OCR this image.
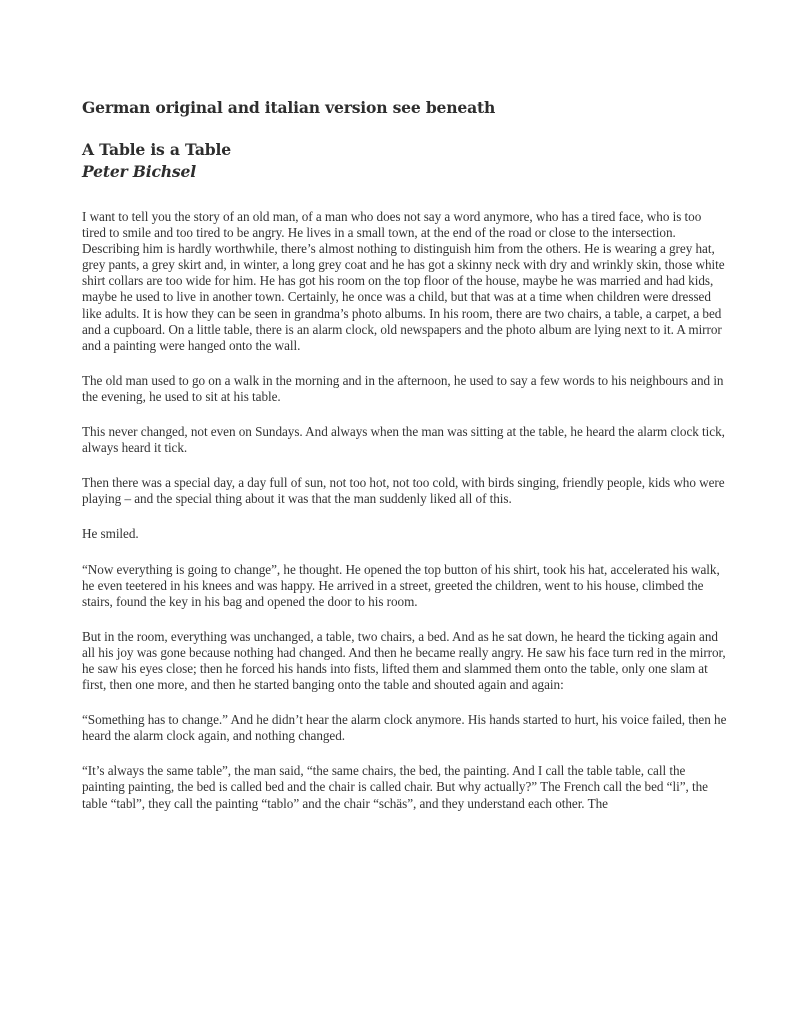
German original and italian version see beneath
A Table is a Table
Peter Bichsel

I want to tell you the story of an old man, of a man who does not say a word anymore, who has a tired face, who is too tired to smile and too tired to be angry. He lives in a small town, at the end of the road or close to the intersection. Describing him is hardly worthwhile, there’s almost nothing to distinguish him from the others. He is wearing a grey hat, grey pants, a grey skirt and, in winter, a long grey coat and he has got a skinny neck with dry and wrinkly skin, those white shirt collars are too wide for him. He has got his room on the top floor of the house, maybe he was married and had kids, maybe he used to live in another town. Certainly, he once was a child, but that was at a time when children were dressed like adults. It is how they can be seen in grandma’s photo albums. In his room, there are two chairs, a table, a carpet, a bed and a cupboard. On a little table, there is an alarm clock, old newspapers and the photo album are lying next to it. A mirror and a painting were hanged onto the wall.

The old man used to go on a walk in the morning and in the afternoon, he used to say a few words to his neighbours and in the evening, he used to sit at his table.

This never changed, not even on Sundays. And always when the man was sitting at the table, he heard the alarm clock tick, always heard it tick.

Then there was a special day, a day full of sun, not too hot, not too cold, with birds singing, friendly people, kids who were playing – and the special thing about it was that the man suddenly liked all of this.

He smiled.

“Now everything is going to change”, he thought. He opened the top button of his shirt, took his hat, accelerated his walk, he even teetered in his knees and was happy. He arrived in a street, greeted the children, went to his house, climbed the stairs, found the key in his bag and opened the door to his room.

But in the room, everything was unchanged, a table, two chairs, a bed. And as he sat down, he heard the ticking again and all his joy was gone because nothing had changed. And then he became really angry. He saw his face turn red in the mirror, he saw his eyes close; then he forced his hands into fists, lifted them and slammed them onto the table, only one slam at first, then one more, and then he started banging onto the table and shouted again and again:

“Something has to change.” And he didn’t hear the alarm clock anymore. His hands started to hurt, his voice failed, then he heard the alarm clock again, and nothing changed.

“It’s always the same table”, the man said, “the same chairs, the bed, the painting. And I call the table table, call the painting painting, the bed is called bed and the chair is called chair. But why actually?” The French call the bed “li”, the table “tabl”, they call the painting “tablo” and the chair “schäs”, and they understand each other. The
